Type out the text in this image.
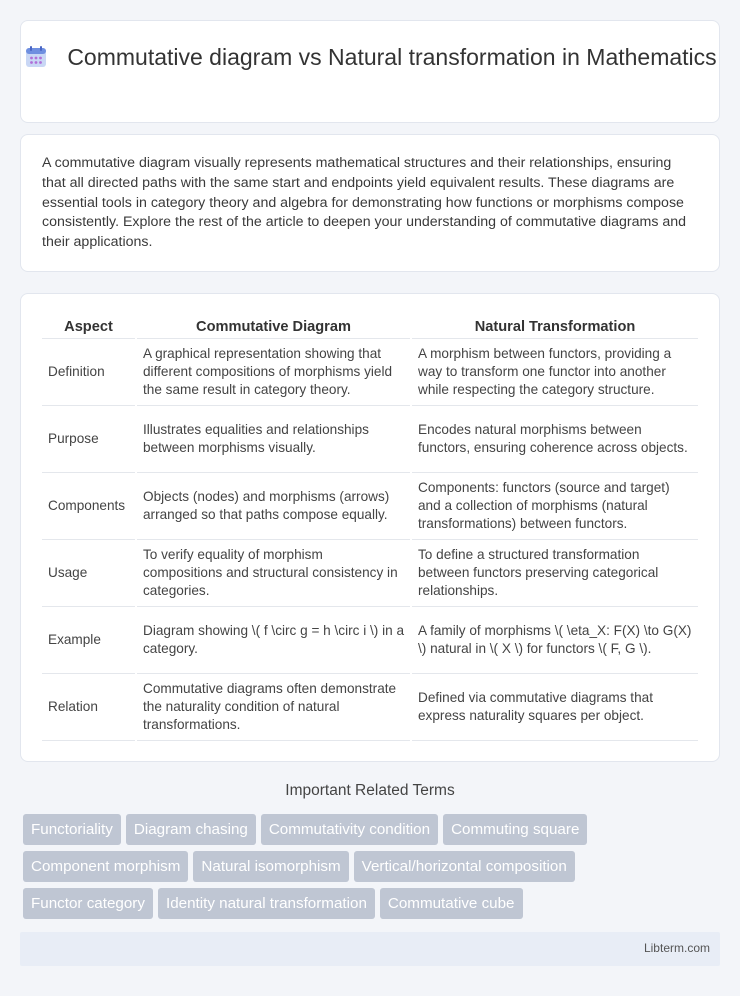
Commutative diagram vs Natural transformation in Mathematics

A commutative diagram visually represents mathematical structures and their relationships, ensuring that all directed paths with the same start and endpoints yield equivalent results. These diagrams are essential tools in category theory and algebra for demonstrating how functions or morphisms compose consistently. Explore the rest of the article to deepen your understanding of commutative diagrams and their applications.

Aspect	Commutative Diagram	Natural Transformation
Definition	A graphical representation showing that different compositions of morphisms yield the same result in category theory.	A morphism between functors, providing a way to transform one functor into another while respecting the category structure.
Purpose	Illustrates equalities and relationships between morphisms visually.	Encodes natural morphisms between functors, ensuring coherence across objects.
Components	Objects (nodes) and morphisms (arrows) arranged so that paths compose equally.	Components: functors (source and target) and a collection of morphisms (natural transformations) between functors.
Usage	To verify equality of morphism compositions and structural consistency in categories.	To define a structured transformation between functors preserving categorical relationships.
Example	Diagram showing \( f \circ g = h \circ i \) in a category.	A family of morphisms \( \eta_X: F(X) \to G(X) \) natural in \( X \) for functors \( F, G \).
Relation	Commutative diagrams often demonstrate the naturality condition of natural transformations.	Defined via commutative diagrams that express naturality squares per object.
Important Related Terms
Functoriality Diagram chasing Commutativity condition Commuting square
Component morphism Natural isomorphism Vertical/horizontal composition
Functor category Identity natural transformation Commutative cube
Libterm.com
